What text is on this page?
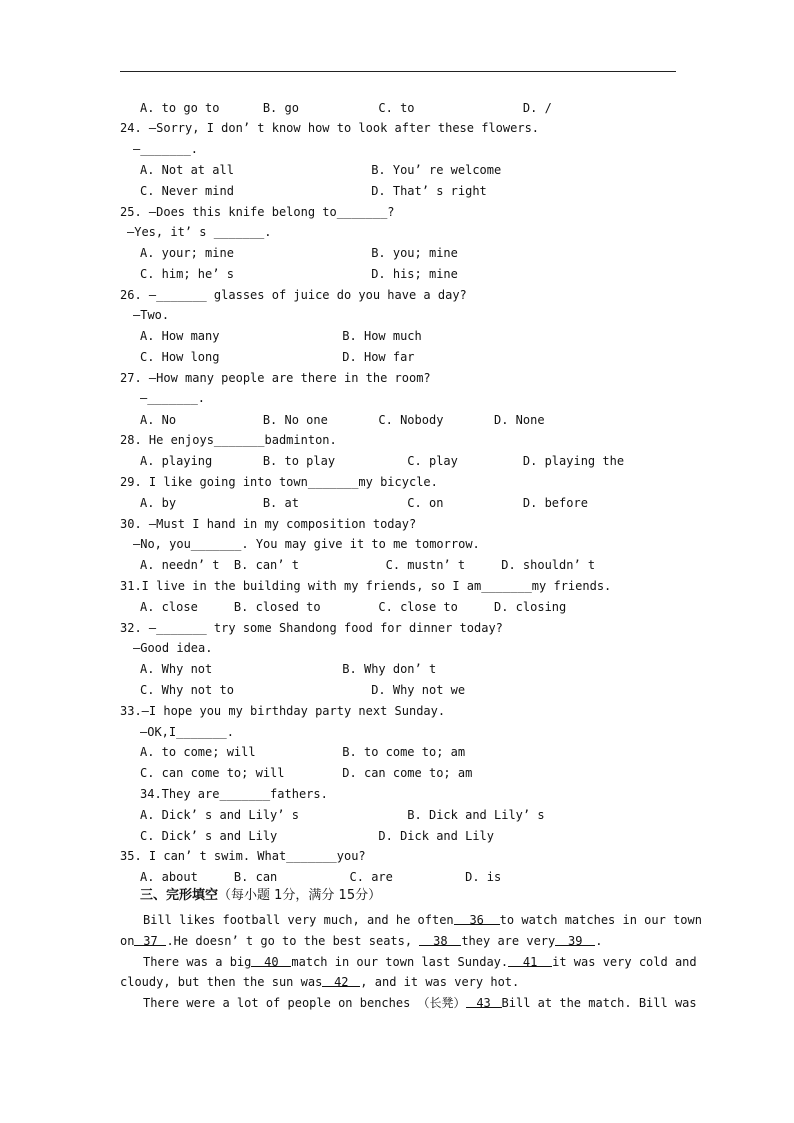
A. to go to      B. go           C. to               D. /
24. —Sorry, I don’ t know how to look after these flowers.
—_______.
A. Not at all                   B. You’ re welcome
C. Never mind                   D. That’ s right
25. —Does this knife belong to_______?
—Yes, it’ s _______.
A. your; mine                   B. you; mine
C. him; he’ s                   D. his; mine
26. —_______ glasses of juice do you have a day?
—Two.
A. How many                 B. How much
C. How long                 D. How far
27. —How many people are there in the room?
—_______.
A. No            B. No one       C. Nobody       D. None
28. He enjoys_______badminton.
A. playing       B. to play          C. play         D. playing the
29. I like going into town_______my bicycle.
A. by            B. at               C. on           D. before
30. —Must I hand in my composition today?
—No, you_______. You may give it to me tomorrow.
A. needn’ t  B. can’ t            C. mustn’ t     D. shouldn’ t
31.I live in the building with my friends, so I am_______my friends.
A. close     B. closed to        C. close to     D. closing
32. —_______ try some Shandong food for dinner today?
—Good idea.
A. Why not                  B. Why don’ t
C. Why not to                   D. Why not we
33.—I hope you my birthday party next Sunday.
—OK,I_______.
A. to come; will            B. to come to; am
C. can come to; will        D. can come to; am
34.They are_______fathers.
A. Dick’ s and Lily’ s               B. Dick and Lily’ s
C. Dick’ s and Lily              D. Dick and Lily
35. I can’ t swim. What_______you?
A. about     B. can          C. are          D. is
三、完形填空（每小题 1分，满分 15分）
Bill likes football very much, and he often 36 to watch matches in our town
on 37 .He doesn’ t go to the best seats, 38 they are very 39 .
There was a big 40 match in our town last Sunday. 41 it was very cold and
cloudy, but then the sun was 42 , and it was very hot.
There were a lot of people on benches （长凳） 43 Bill at the match. Bill was
